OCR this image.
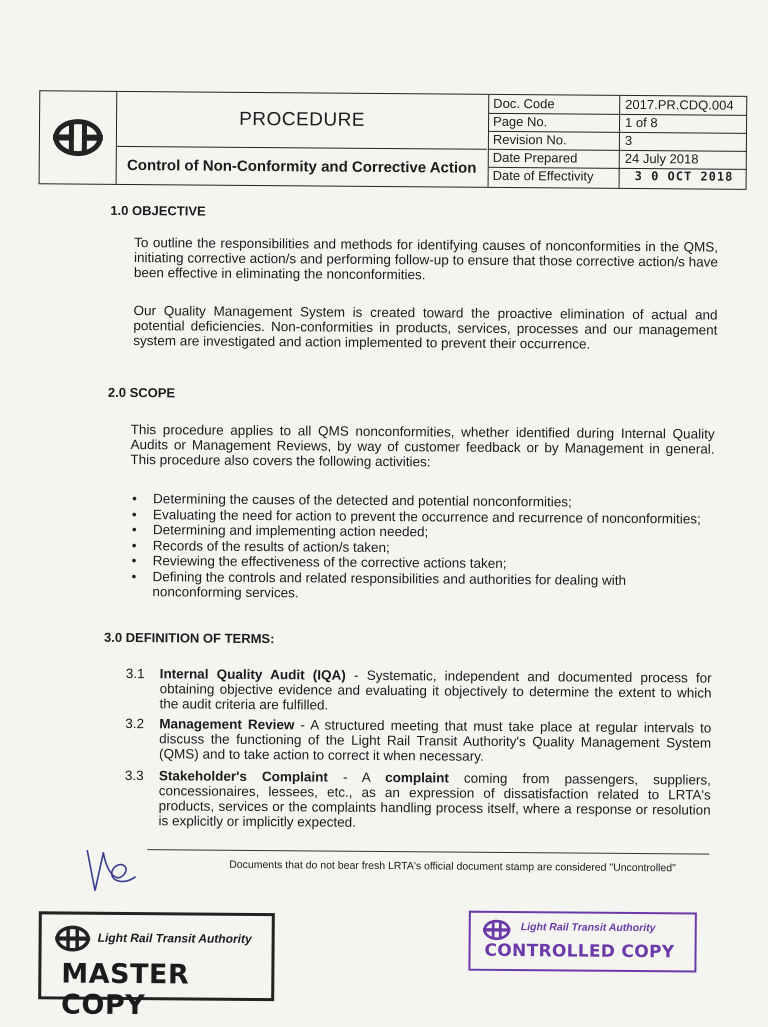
PROCEDURE
Control of Non-Conformity and Corrective Action
Doc. Code	2017.PR.CDQ.004
Page No.	1 of 8
Revision No.	3
Date Prepared	24 July 2018
Date of Effectivity	3 0 OCT 2018
1.0 OBJECTIVE
To outline the responsibilities and methods for identifying causes of nonconformities in the QMS, initiating corrective action/s and performing follow-up to ensure that those corrective action/s have been effective in eliminating the nonconformities.
Our Quality Management System is created toward the proactive elimination of actual and potential deficiencies. Non-conformities in products, services, processes and our management system are investigated and action implemented to prevent their occurrence.
2.0 SCOPE
This procedure applies to all QMS nonconformities, whether identified during Internal Quality Audits or Management Reviews, by way of customer feedback or by Management in general. This procedure also covers the following activities:
• Determining the causes of the detected and potential nonconformities;
• Evaluating the need for action to prevent the occurrence and recurrence of nonconformities;
• Determining and implementing action needed;
• Records of the results of action/s taken;
• Reviewing the effectiveness of the corrective actions taken;
• Defining the controls and related responsibilities and authorities for dealing with nonconforming services.
3.0 DEFINITION OF TERMS:
3.1 Internal Quality Audit (IQA) - Systematic, independent and documented process for obtaining objective evidence and evaluating it objectively to determine the extent to which the audit criteria are fulfilled.
3.2 Management Review - A structured meeting that must take place at regular intervals to discuss the functioning of the Light Rail Transit Authority's Quality Management System (QMS) and to take action to correct it when necessary.
3.3 Stakeholder's Complaint - A complaint coming from passengers, suppliers, concessionaires, lessees, etc., as an expression of dissatisfaction related to LRTA's products, services or the complaints handling process itself, where a response or resolution is explicitly or implicitly expected.
Documents that do not bear fresh LRTA's official document stamp are considered "Uncontrolled"
Light Rail Transit Authority
MASTER COPY
Light Rail Transit Authority
CONTROLLED COPY
